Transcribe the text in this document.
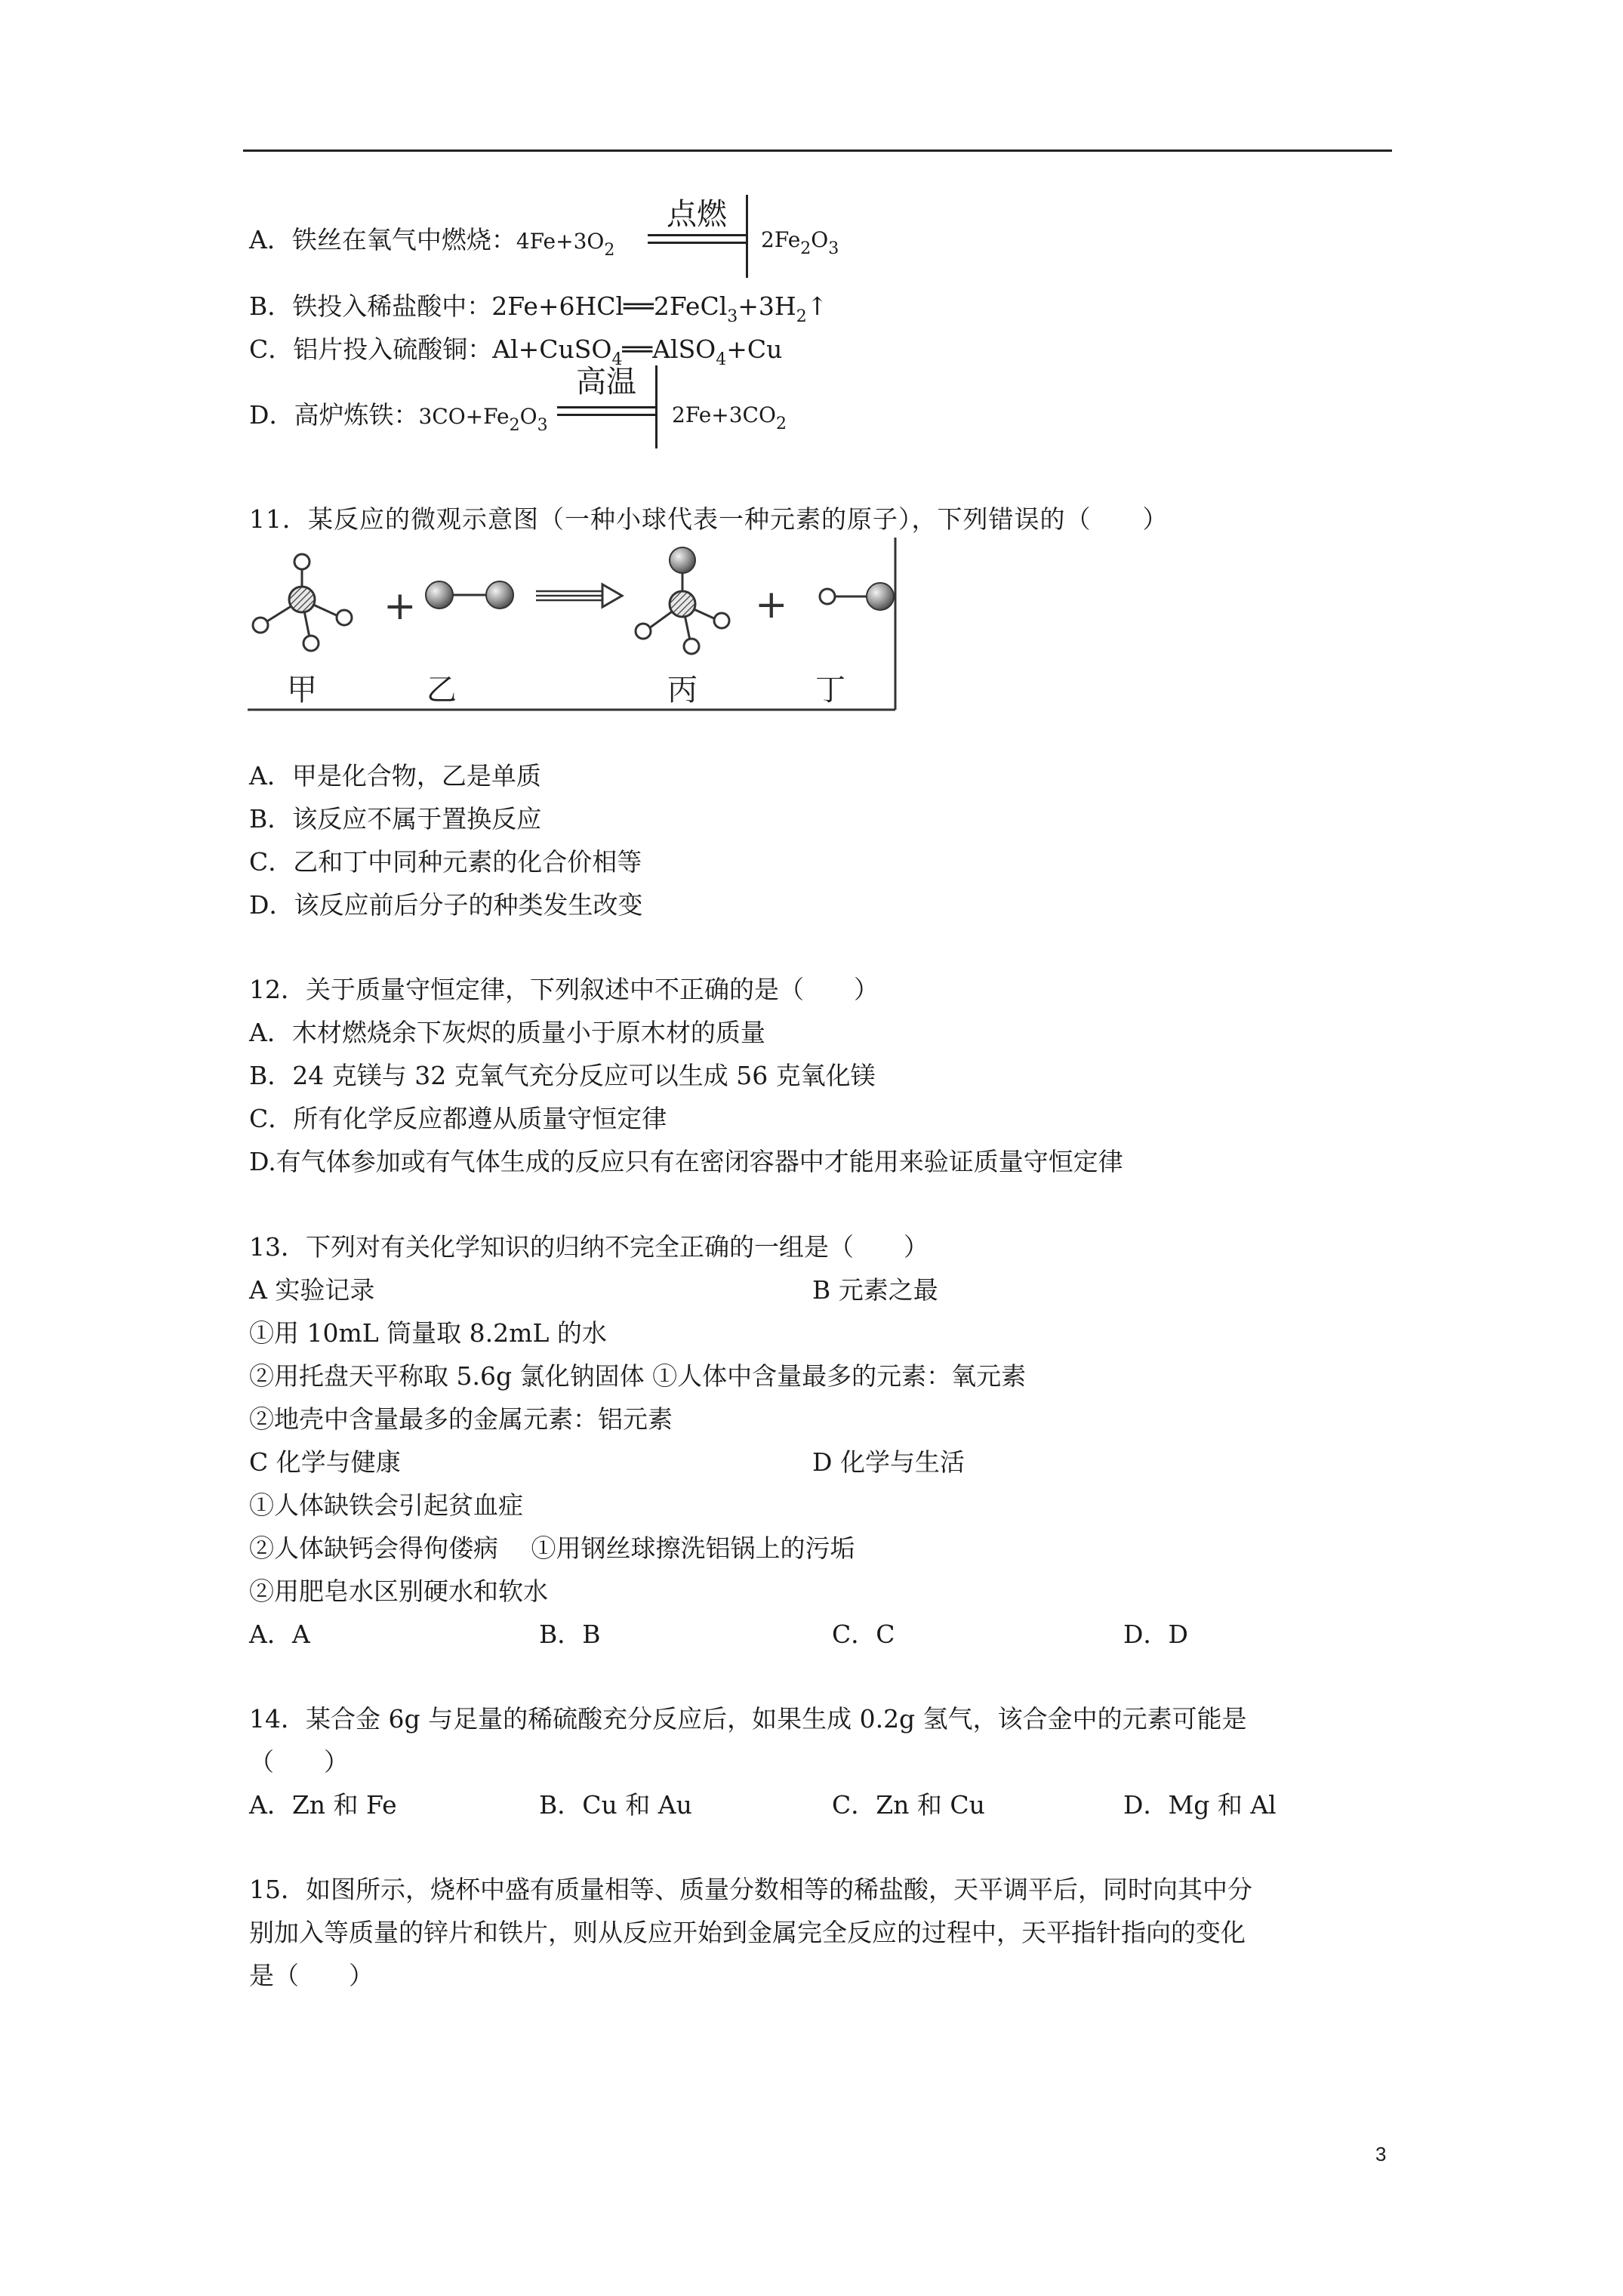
A．铁丝在氧气中燃烧：$4Fe+3O_2$
点燃
$2Fe_2O_3$
B．铁投入稀盐酸中：$2Fe+6HCl══2FeCl_3+3H_2↑$
C．铝片投入硫酸铜：Al+CuSO$_4$══AlSO$_4$+Cu
D．高炉炼铁：$3CO+Fe_2O_3$
高温
$2Fe+3CO_2$
11．某反应的微观示意图（一种小球代表一种元素的原子），下列错误的（　　）
+	+
甲	乙	丙	丁
A．甲是化合物，乙是单质
B．该反应不属于置换反应
C．乙和丁中同种元素的化合价相等
D．该反应前后分子的种类发生改变
12．关于质量守恒定律，下列叙述中不正确的是（　　）
A．木材燃烧余下灰烬的质量小于原木材的质量
B．24 克镁与 32 克氧气充分反应可以生成 56 克氧化镁
C．所有化学反应都遵从质量守恒定律
D.有气体参加或有气体生成的反应只有在密闭容器中才能用来验证质量守恒定律
13．下列对有关化学知识的归纳不完全正确的一组是（　　）
A 实验记录	B 元素之最
①用 10mL 筒量取 8.2mL 的水
②用托盘天平称取 5.6g 氯化钠固体 ①人体中含量最多的元素：氧元素
②地壳中含量最多的金属元素：铝元素
C 化学与健康	D 化学与生活
①人体缺铁会引起贫血症
②人体缺钙会得佝偻病　 ①用钢丝球擦洗铝锅上的污垢
②用肥皂水区别硬水和软水
A．A	B．B	C．C	D．D
14．某合金 6g 与足量的稀硫酸充分反应后，如果生成 0.2g 氢气，该合金中的元素可能是
（　　）
A．Zn 和 Fe	B．Cu 和 Au	C．Zn 和 Cu	D．Mg 和 Al
15．如图所示，烧杯中盛有质量相等、质量分数相等的稀盐酸，天平调平后，同时向其中分
别加入等质量的锌片和铁片，则从反应开始到金属完全反应的过程中，天平指针指向的变化
是（　　）
3
